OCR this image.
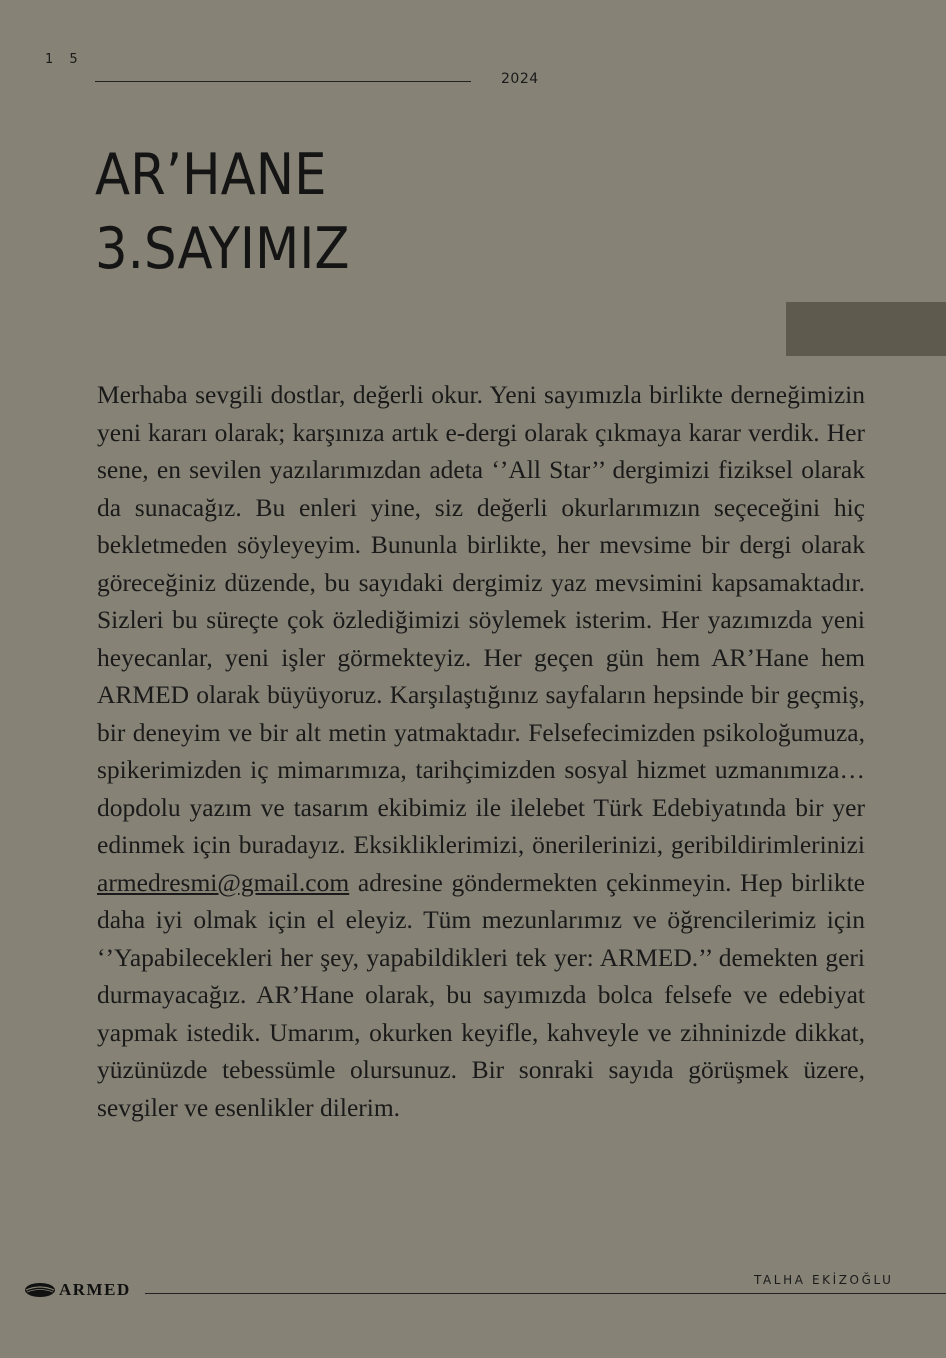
1 5
2024
AR’HANE
3.SAYIMIZ

Merhaba sevgili dostlar, değerli okur. Yeni sayımızla birlikte derneğimizin yeni kararı olarak; karşınıza artık e-dergi olarak çıkmaya karar verdik. Her sene, en sevilen yazılarımızdan adeta ‘’All Star’’ dergimizi fiziksel olarak da sunacağız. Bu enleri yine, siz değerli okurlarımızın seçeceğini hiç bekletmeden söyleyeyim. Bununla birlikte, her mevsime bir dergi olarak göreceğiniz düzende, bu sayıdaki dergimiz yaz mevsimini kapsamaktadır. Sizleri bu süreçte çok özlediğimizi söylemek isterim. Her yazımızda yeni heyecanlar, yeni işler görmekteyiz. Her geçen gün hem AR’Hane hem ARMED olarak büyüyoruz. Karşılaştığınız sayfaların hepsinde bir geçmiş, bir deneyim ve bir alt metin yatmaktadır. Felsefecimizden psikoloğumuza, spikerimizden iç mimarımıza, tarihçimizden sosyal hizmet uzmanımıza… dopdolu yazım ve tasarım ekibimiz ile ilelebet Türk Edebiyatında bir yer edinmek için buradayız. Eksikliklerimizi, önerilerinizi, geribildirimlerinizi armedresmi@gmail.com adresine göndermekten çekinmeyin. Hep birlikte daha iyi olmak için el eleyiz. Tüm mezunlarımız ve öğrencilerimiz için ‘’Yapabilecekleri her şey, yapabildikleri tek yer: ARMED.’’ demekten geri durmayacağız. AR’Hane olarak, bu sayımızda bolca felsefe ve edebiyat yapmak istedik. Umarım, okurken keyifle, kahveyle ve zihninizde dikkat, yüzünüzde tebessümle olursunuz. Bir sonraki sayıda görüşmek üzere, sevgiler ve esenlikler dilerim.

ARMED	TALHA EKİZOĞLU
